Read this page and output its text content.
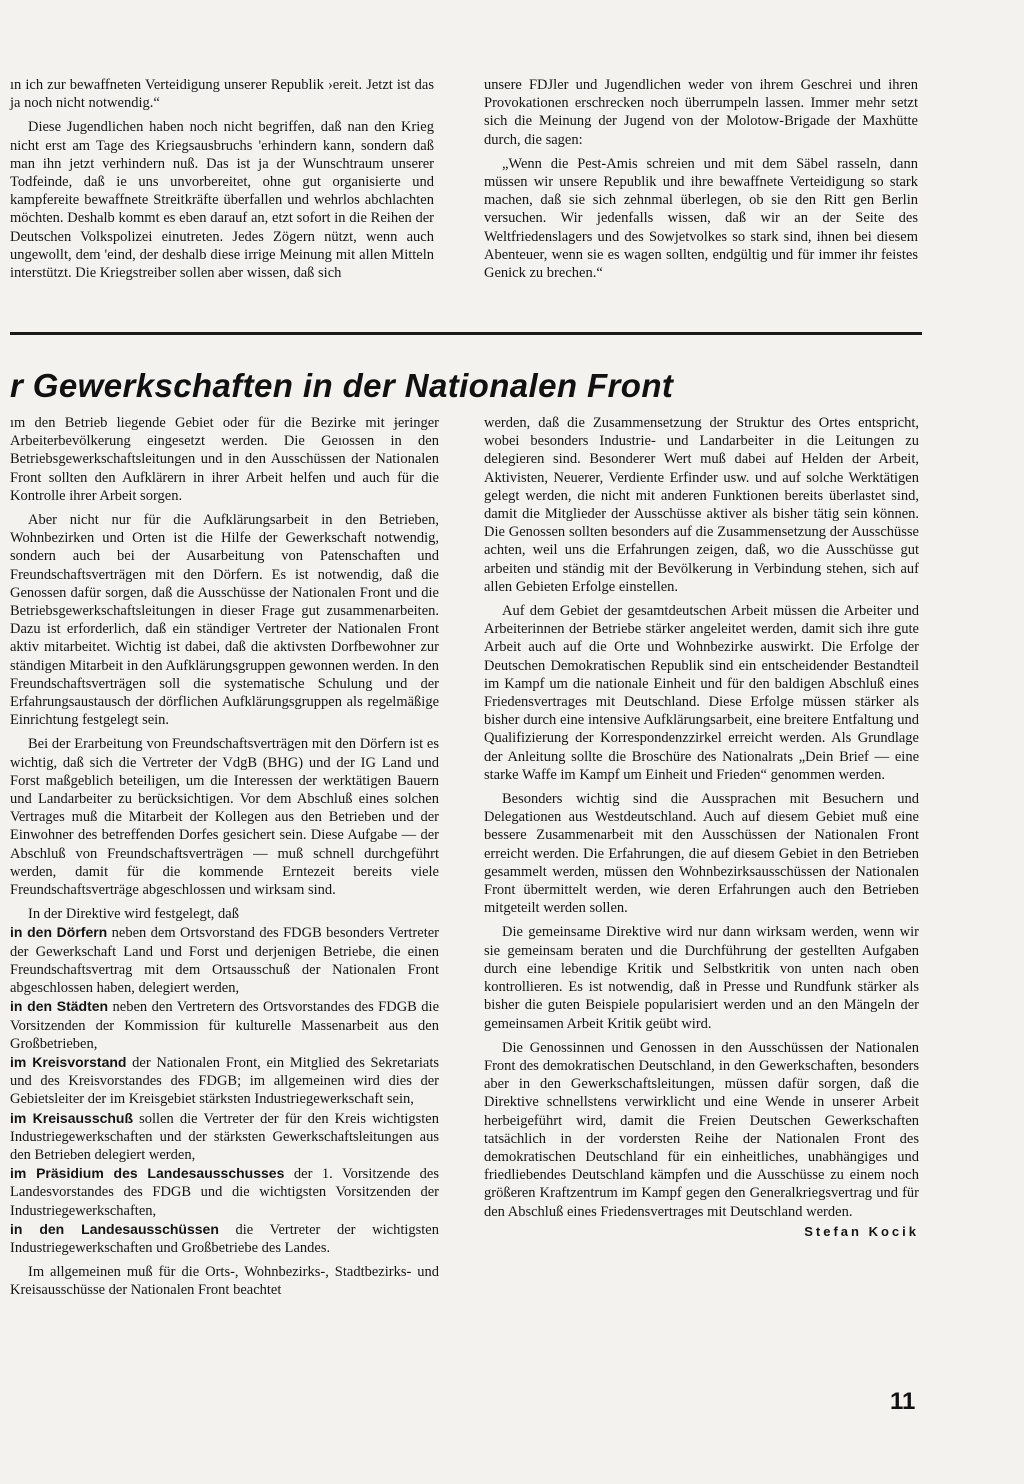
ın ich zur bewaffneten Verteidigung unserer Republik ›ereit. Jetzt ist das ja noch nicht notwendig.“

Diese Jugendlichen haben noch nicht begriffen, daß nan den Krieg nicht erst am Tage des Kriegsausbruchs 'erhindern kann, sondern daß man ihn jetzt verhindern nuß. Das ist ja der Wunschtraum unserer Todfeinde, daß ie uns unvorbereitet, ohne gut organisierte und kampfereite bewaffnete Streitkräfte überfallen und wehrlos abchlachten möchten. Deshalb kommt es eben darauf an, etzt sofort in die Reihen der Deutschen Volkspolizei einutreten. Jedes Zögern nützt, wenn auch ungewollt, dem 'eind, der deshalb diese irrige Meinung mit allen Mitteln interstützt. Die Kriegstreiber sollen aber wissen, daß sich

unsere FDJler und Jugendlichen weder von ihrem Geschrei und ihren Provokationen erschrecken noch überrumpeln lassen. Immer mehr setzt sich die Meinung der Jugend von der Molotow-Brigade der Maxhütte durch, die sagen:

„Wenn die Pest-Amis schreien und mit dem Säbel rasseln, dann müssen wir unsere Republik und ihre bewaffnete Verteidigung so stark machen, daß sie sich zehnmal überlegen, ob sie den Ritt gen Berlin versuchen. Wir jedenfalls wissen, daß wir an der Seite des Weltfriedenslagers und des Sowjetvolkes so stark sind, ihnen bei diesem Abenteuer, wenn sie es wagen sollten, endgültig und für immer ihr feistes Genick zu brechen.“

r Gewerkschaften in der Nationalen Front

ım den Betrieb liegende Gebiet oder für die Bezirke mit ɉeringer Arbeiterbevölkerung eingesetzt werden. Die Geıossen in den Betriebsgewerkschaftsleitungen und in den Ausschüssen der Nationalen Front sollten den Aufklärern in ihrer Arbeit helfen und auch für die Kontrolle ihrer Arbeit sorgen.

Aber nicht nur für die Aufklärungsarbeit in den Betrieben, Wohnbezirken und Orten ist die Hilfe der Gewerkschaft notwendig, sondern auch bei der Ausarbeitung von Patenschaften und Freundschaftsverträgen mit den Dörfern. Es ist notwendig, daß die Genossen dafür sorgen, daß die Ausschüsse der Nationalen Front und die Betriebsgewerkschaftsleitungen in dieser Frage gut zusammenarbeiten. Dazu ist erforderlich, daß ein ständiger Vertreter der Nationalen Front aktiv mitarbeitet. Wichtig ist dabei, daß die aktivsten Dorfbewohner zur ständigen Mitarbeit in den Aufklärungsgruppen gewonnen werden. In den Freundschaftsverträgen soll die systematische Schulung und der Erfahrungsaustausch der dörflichen Aufklärungsgruppen als regelmäßige Einrichtung festgelegt sein.

Bei der Erarbeitung von Freundschaftsverträgen mit den Dörfern ist es wichtig, daß sich die Vertreter der VdgB (BHG) und der IG Land und Forst maßgeblich beteiligen, um die Interessen der werktätigen Bauern und Landarbeiter zu berücksichtigen. Vor dem Abschluß eines solchen Vertrages muß die Mitarbeit der Kollegen aus den Betrieben und der Einwohner des betreffenden Dorfes gesichert sein. Diese Aufgabe — der Abschluß von Freundschaftsverträgen — muß schnell durchgeführt werden, damit für die kommende Erntezeit bereits viele Freundschaftsverträge abgeschlossen und wirksam sind.

In der Direktive wird festgelegt, daß

in den Dörfern neben dem Ortsvorstand des FDGB besonders Vertreter der Gewerkschaft Land und Forst und derjenigen Betriebe, die einen Freundschaftsvertrag mit dem Ortsausschuß der Nationalen Front abgeschlossen haben, delegiert werden,

in den Städten neben den Vertretern des Ortsvorstandes des FDGB die Vorsitzenden der Kommission für kulturelle Massenarbeit aus den Großbetrieben,

im Kreisvorstand der Nationalen Front, ein Mitglied des Sekretariats und des Kreisvorstandes des FDGB; im allgemeinen wird dies der Gebietsleiter der im Kreisgebiet stärksten Industriegewerkschaft sein,

im Kreisausschuß sollen die Vertreter der für den Kreis wichtigsten Industriegewerkschaften und der stärksten Gewerkschaftsleitungen aus den Betrieben delegiert werden,

im Präsidium des Landesausschusses der 1. Vorsitzende des Landesvorstandes des FDGB und die wichtigsten Vorsitzenden der Industriegewerkschaften,

in den Landesausschüssen die Vertreter der wichtigsten Industriegewerkschaften und Großbetriebe des Landes.

Im allgemeinen muß für die Orts-, Wohnbezirks-, Stadtbezirks- und Kreisausschüsse der Nationalen Front beachtet

werden, daß die Zusammensetzung der Struktur des Ortes entspricht, wobei besonders Industrie- und Landarbeiter in die Leitungen zu delegieren sind. Besonderer Wert muß dabei auf Helden der Arbeit, Aktivisten, Neuerer, Verdiente Erfinder usw. und auf solche Werktätigen gelegt werden, die nicht mit anderen Funktionen bereits überlastet sind, damit die Mitglieder der Ausschüsse aktiver als bisher tätig sein können. Die Genossen sollten besonders auf die Zusammensetzung der Ausschüsse achten, weil uns die Erfahrungen zeigen, daß, wo die Ausschüsse gut arbeiten und ständig mit der Bevölkerung in Verbindung stehen, sich auf allen Gebieten Erfolge einstellen.

Auf dem Gebiet der gesamtdeutschen Arbeit müssen die Arbeiter und Arbeiterinnen der Betriebe stärker angeleitet werden, damit sich ihre gute Arbeit auch auf die Orte und Wohnbezirke auswirkt. Die Erfolge der Deutschen Demokratischen Republik sind ein entscheidender Bestandteil im Kampf um die nationale Einheit und für den baldigen Abschluß eines Friedensvertrages mit Deutschland. Diese Erfolge müssen stärker als bisher durch eine intensive Aufklärungsarbeit, eine breitere Entfaltung und Qualifizierung der Korrespondenzzirkel erreicht werden. Als Grundlage der Anleitung sollte die Broschüre des Nationalrats „Dein Brief — eine starke Waffe im Kampf um Einheit und Frieden“ genommen werden.

Besonders wichtig sind die Aussprachen mit Besuchern und Delegationen aus Westdeutschland. Auch auf diesem Gebiet muß eine bessere Zusammenarbeit mit den Ausschüssen der Nationalen Front erreicht werden. Die Erfahrungen, die auf diesem Gebiet in den Betrieben gesammelt werden, müssen den Wohnbezirksausschüssen der Nationalen Front übermittelt werden, wie deren Erfahrungen auch den Betrieben mitgeteilt werden sollen.

Die gemeinsame Direktive wird nur dann wirksam werden, wenn wir sie gemeinsam beraten und die Durchführung der gestellten Aufgaben durch eine lebendige Kritik und Selbstkritik von unten nach oben kontrollieren. Es ist notwendig, daß in Presse und Rundfunk stärker als bisher die guten Beispiele popularisiert werden und an den Mängeln der gemeinsamen Arbeit Kritik geübt wird.

Die Genossinnen und Genossen in den Ausschüssen der Nationalen Front des demokratischen Deutschland, in den Gewerkschaften, besonders aber in den Gewerkschaftsleitungen, müssen dafür sorgen, daß die Direktive schnellstens verwirklicht und eine Wende in unserer Arbeit herbeigeführt wird, damit die Freien Deutschen Gewerkschaften tatsächlich in der vordersten Reihe der Nationalen Front des demokratischen Deutschland für ein einheitliches, unabhängiges und friedliebendes Deutschland kämpfen und die Ausschüsse zu einem noch größeren Kraftzentrum im Kampf gegen den Generalkriegsvertrag und für den Abschluß eines Friedensvertrages mit Deutschland werden.

Stefan Kocik
11
